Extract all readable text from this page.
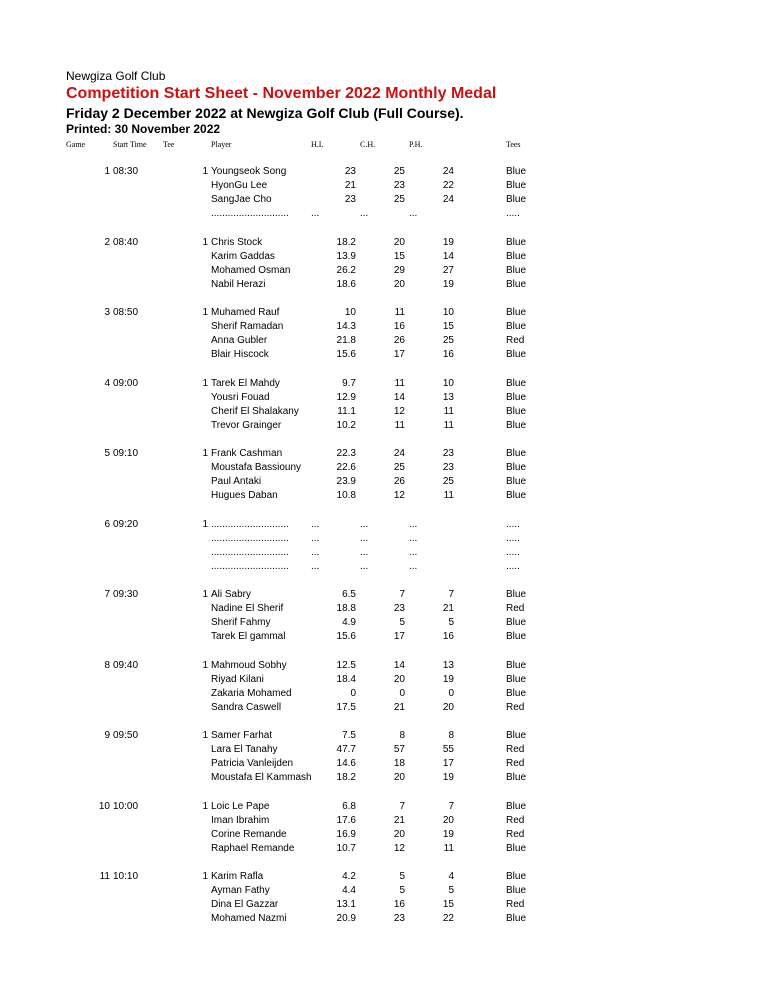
Newgiza Golf Club
Competition Start Sheet - November 2022 Monthly Medal
Friday 2 December 2022 at Newgiza Golf Club (Full Course).
Printed: 30 November 2022
Game	Start Time Tee	Player	H.I.	C.H.	P.H.	Tees
1 08:30	1 Youngseok Song	23	25	24	Blue
HyonGu Lee	21	23	22	Blue
SangJae Cho	23	25	24	Blue
............................ ...	...	...	.....
2 08:40	1 Chris Stock	18.2	20	19	Blue
Karim Gaddas	13.9	15	14	Blue
Mohamed Osman	26.2	29	27	Blue
Nabil Herazi	18.6	20	19	Blue
3 08:50	1 Muhamed Rauf	10	11	10	Blue
Sherif Ramadan	14.3	16	15	Blue
Anna Gubler	21.8	26	25	Red
Blair Hiscock	15.6	17	16	Blue
4 09:00	1 Tarek El Mahdy	9.7	11	10	Blue
Yousri Fouad	12.9	14	13	Blue
Cherif El Shalakany	11.1	12	11	Blue
Trevor Grainger	10.2	11	11	Blue
5 09:10	1 Frank Cashman	22.3	24	23	Blue
Moustafa Bassiouny	22.6	25	23	Blue
Paul Antaki	23.9	26	25	Blue
Hugues Daban	10.8	12	11	Blue
6 09:20	1 ............................ ...	...	...	.....
............................ ...	...	...	.....
............................ ...	...	...	.....
............................ ...	...	...	.....
7 09:30	1 Ali Sabry	6.5	7	7	Blue
Nadine El Sherif	18.8	23	21	Red
Sherif Fahmy	4.9	5	5	Blue
Tarek El gammal	15.6	17	16	Blue
8 09:40	1 Mahmoud Sobhy	12.5	14	13	Blue
Riyad Kilani	18.4	20	19	Blue
Zakaria Mohamed	0	0	0	Blue
Sandra Caswell	17.5	21	20	Red
9 09:50	1 Samer Farhat	7.5	8	8	Blue
Lara El Tanahy	47.7	57	55	Red
Patricia Vanleijden	14.6	18	17	Red
Moustafa El Kammash	18.2	20	19	Blue
10 10:00	1 Loic Le Pape	6.8	7	7	Blue
Iman Ibrahim	17.6	21	20	Red
Corine Remande	16.9	20	19	Red
Raphael Remande	10.7	12	11	Blue
11 10:10	1 Karim Rafla	4.2	5	4	Blue
Ayman Fathy	4.4	5	5	Blue
Dina El Gazzar	13.1	16	15	Red
Mohamed Nazmi	20.9	23	22	Blue
